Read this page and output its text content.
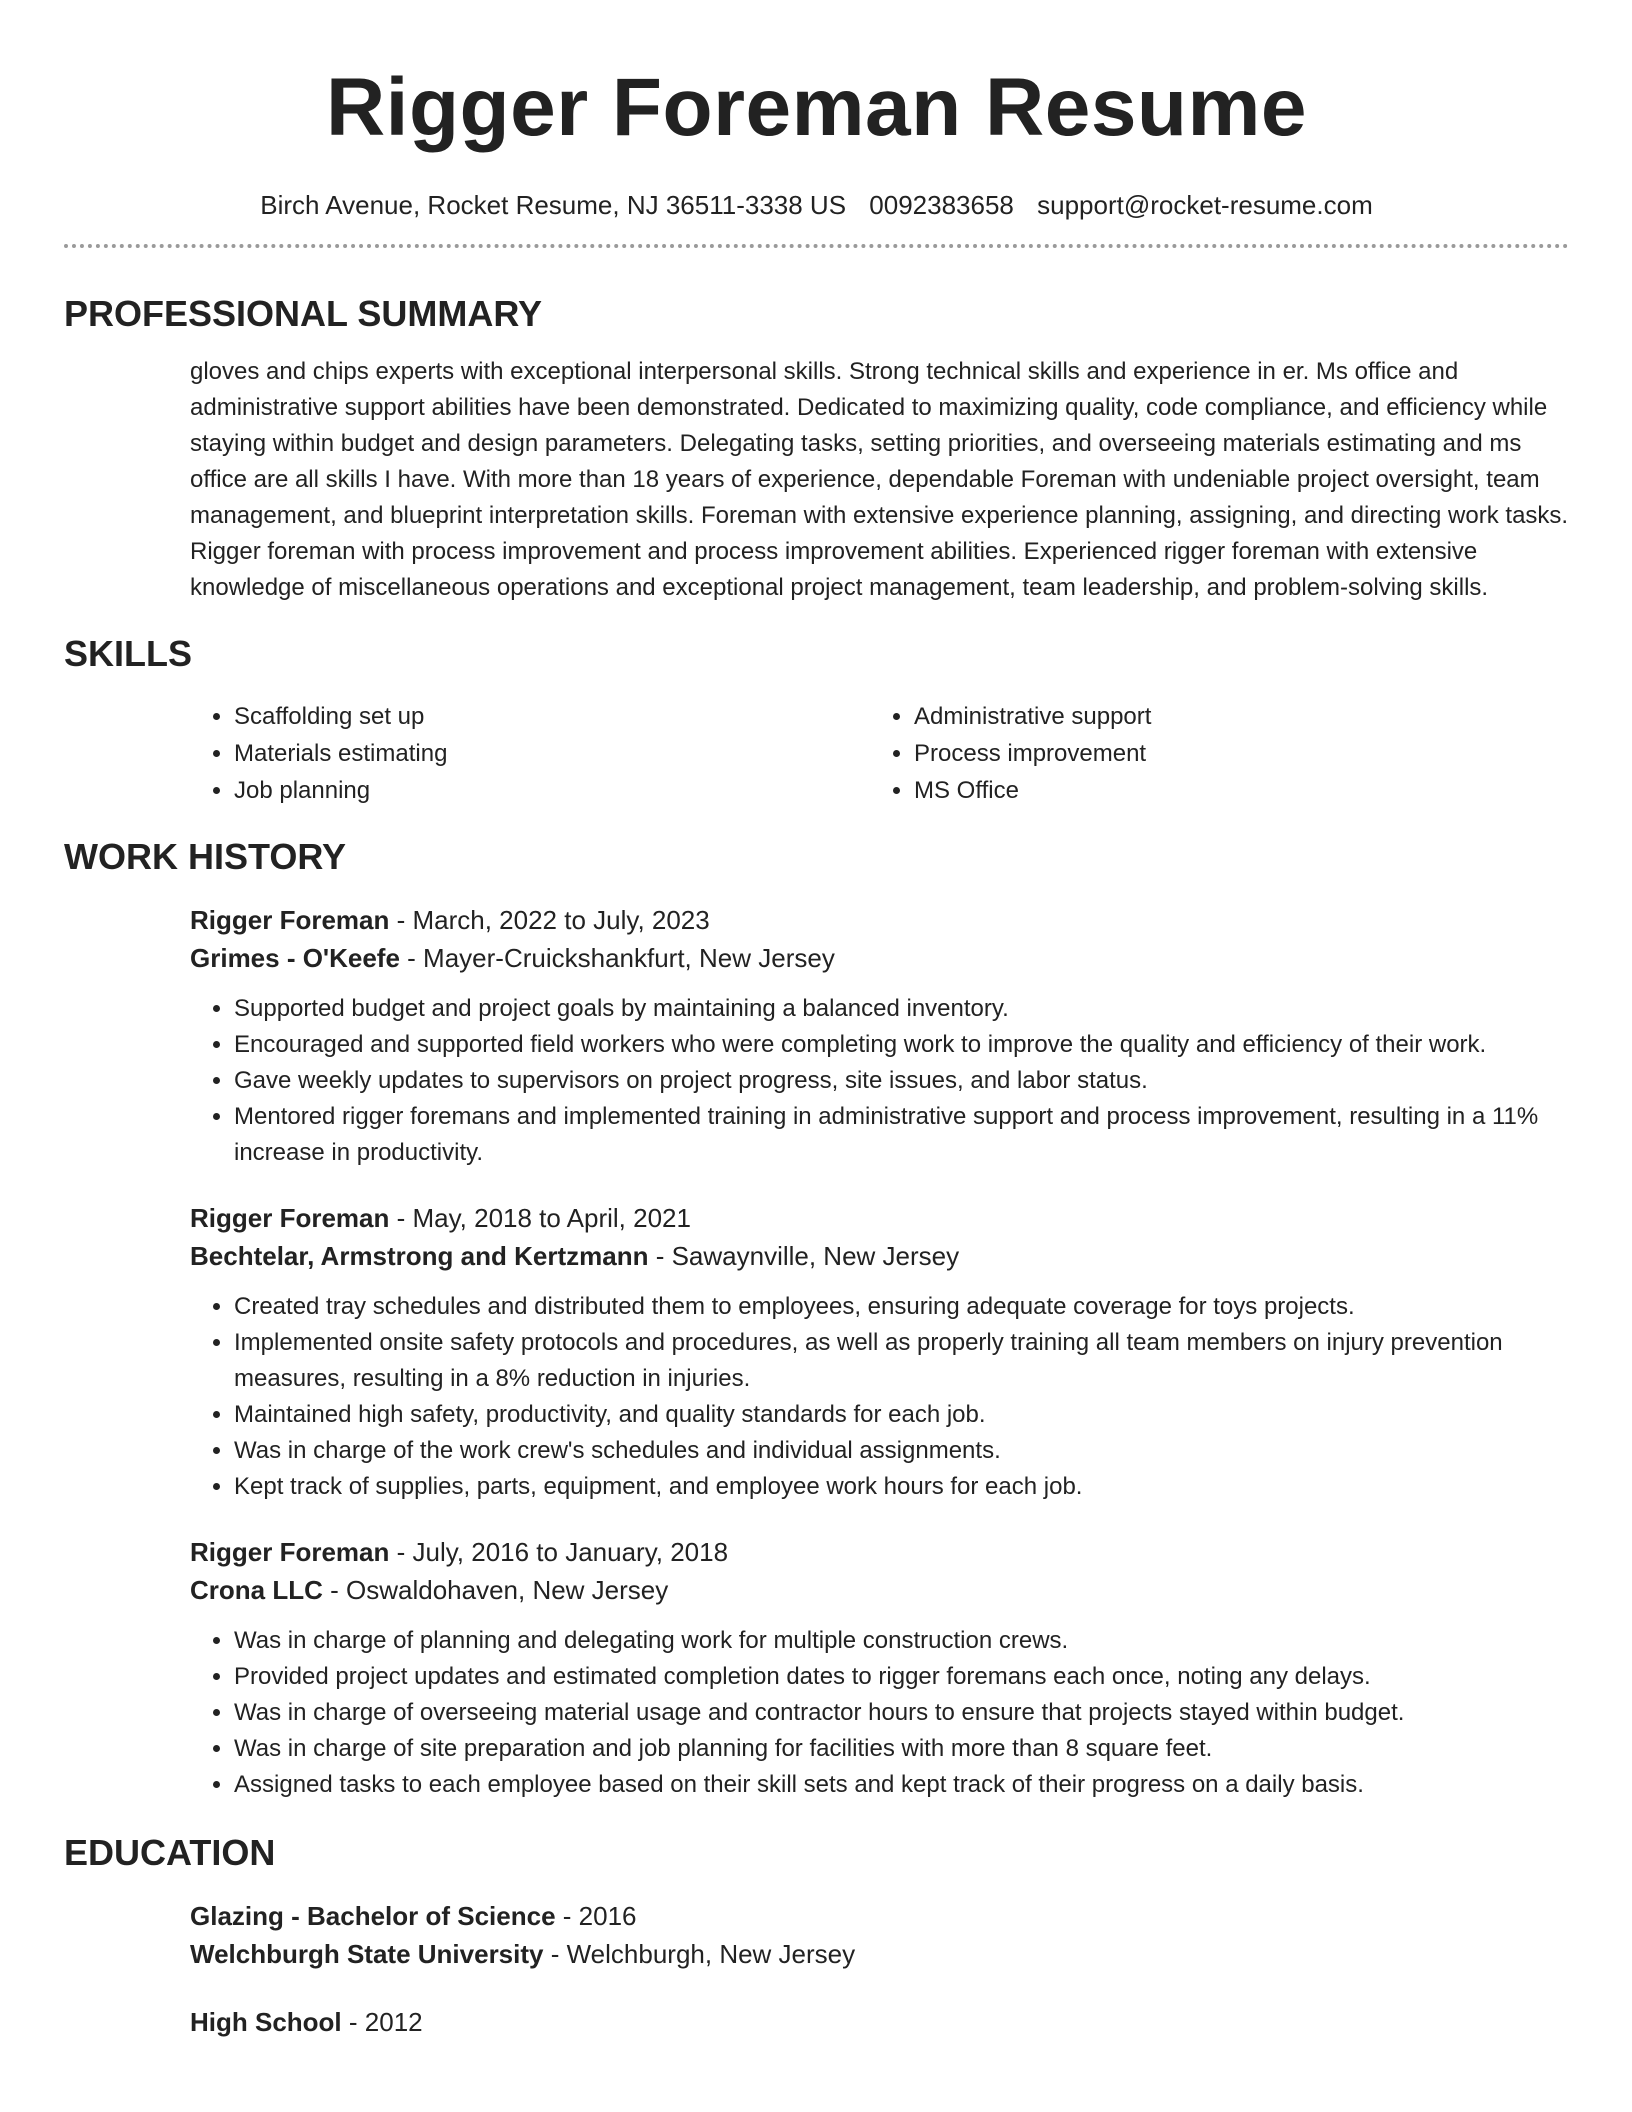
Rigger Foreman Resume
Birch Avenue, Rocket Resume, NJ 36511-3338 US 0092383658 support@rocket-resume.com
PROFESSIONAL SUMMARY
gloves and chips experts with exceptional interpersonal skills. Strong technical skills and experience in er. Ms office and administrative support abilities have been demonstrated. Dedicated to maximizing quality, code compliance, and efficiency while staying within budget and design parameters. Delegating tasks, setting priorities, and overseeing materials estimating and ms office are all skills I have. With more than 18 years of experience, dependable Foreman with undeniable project oversight, team management, and blueprint interpretation skills. Foreman with extensive experience planning, assigning, and directing work tasks. Rigger foreman with process improvement and process improvement abilities. Experienced rigger foreman with extensive knowledge of miscellaneous operations and exceptional project management, team leadership, and problem-solving skills.
SKILLS
• Scaffolding set up
• Materials estimating
• Job planning
• Administrative support
• Process improvement
• MS Office
WORK HISTORY
Rigger Foreman - March, 2022 to July, 2023
Grimes - O'Keefe - Mayer-Cruickshankfurt, New Jersey
• Supported budget and project goals by maintaining a balanced inventory.
• Encouraged and supported field workers who were completing work to improve the quality and efficiency of their work.
• Gave weekly updates to supervisors on project progress, site issues, and labor status.
• Mentored rigger foremans and implemented training in administrative support and process improvement, resulting in a 11% increase in productivity.
Rigger Foreman - May, 2018 to April, 2021
Bechtelar, Armstrong and Kertzmann - Sawaynville, New Jersey
• Created tray schedules and distributed them to employees, ensuring adequate coverage for toys projects.
• Implemented onsite safety protocols and procedures, as well as properly training all team members on injury prevention measures, resulting in a 8% reduction in injuries.
• Maintained high safety, productivity, and quality standards for each job.
• Was in charge of the work crew's schedules and individual assignments.
• Kept track of supplies, parts, equipment, and employee work hours for each job.
Rigger Foreman - July, 2016 to January, 2018
Crona LLC - Oswaldohaven, New Jersey
• Was in charge of planning and delegating work for multiple construction crews.
• Provided project updates and estimated completion dates to rigger foremans each once, noting any delays.
• Was in charge of overseeing material usage and contractor hours to ensure that projects stayed within budget.
• Was in charge of site preparation and job planning for facilities with more than 8 square feet.
• Assigned tasks to each employee based on their skill sets and kept track of their progress on a daily basis.
EDUCATION
Glazing - Bachelor of Science - 2016
Welchburgh State University - Welchburgh, New Jersey
High School - 2012
